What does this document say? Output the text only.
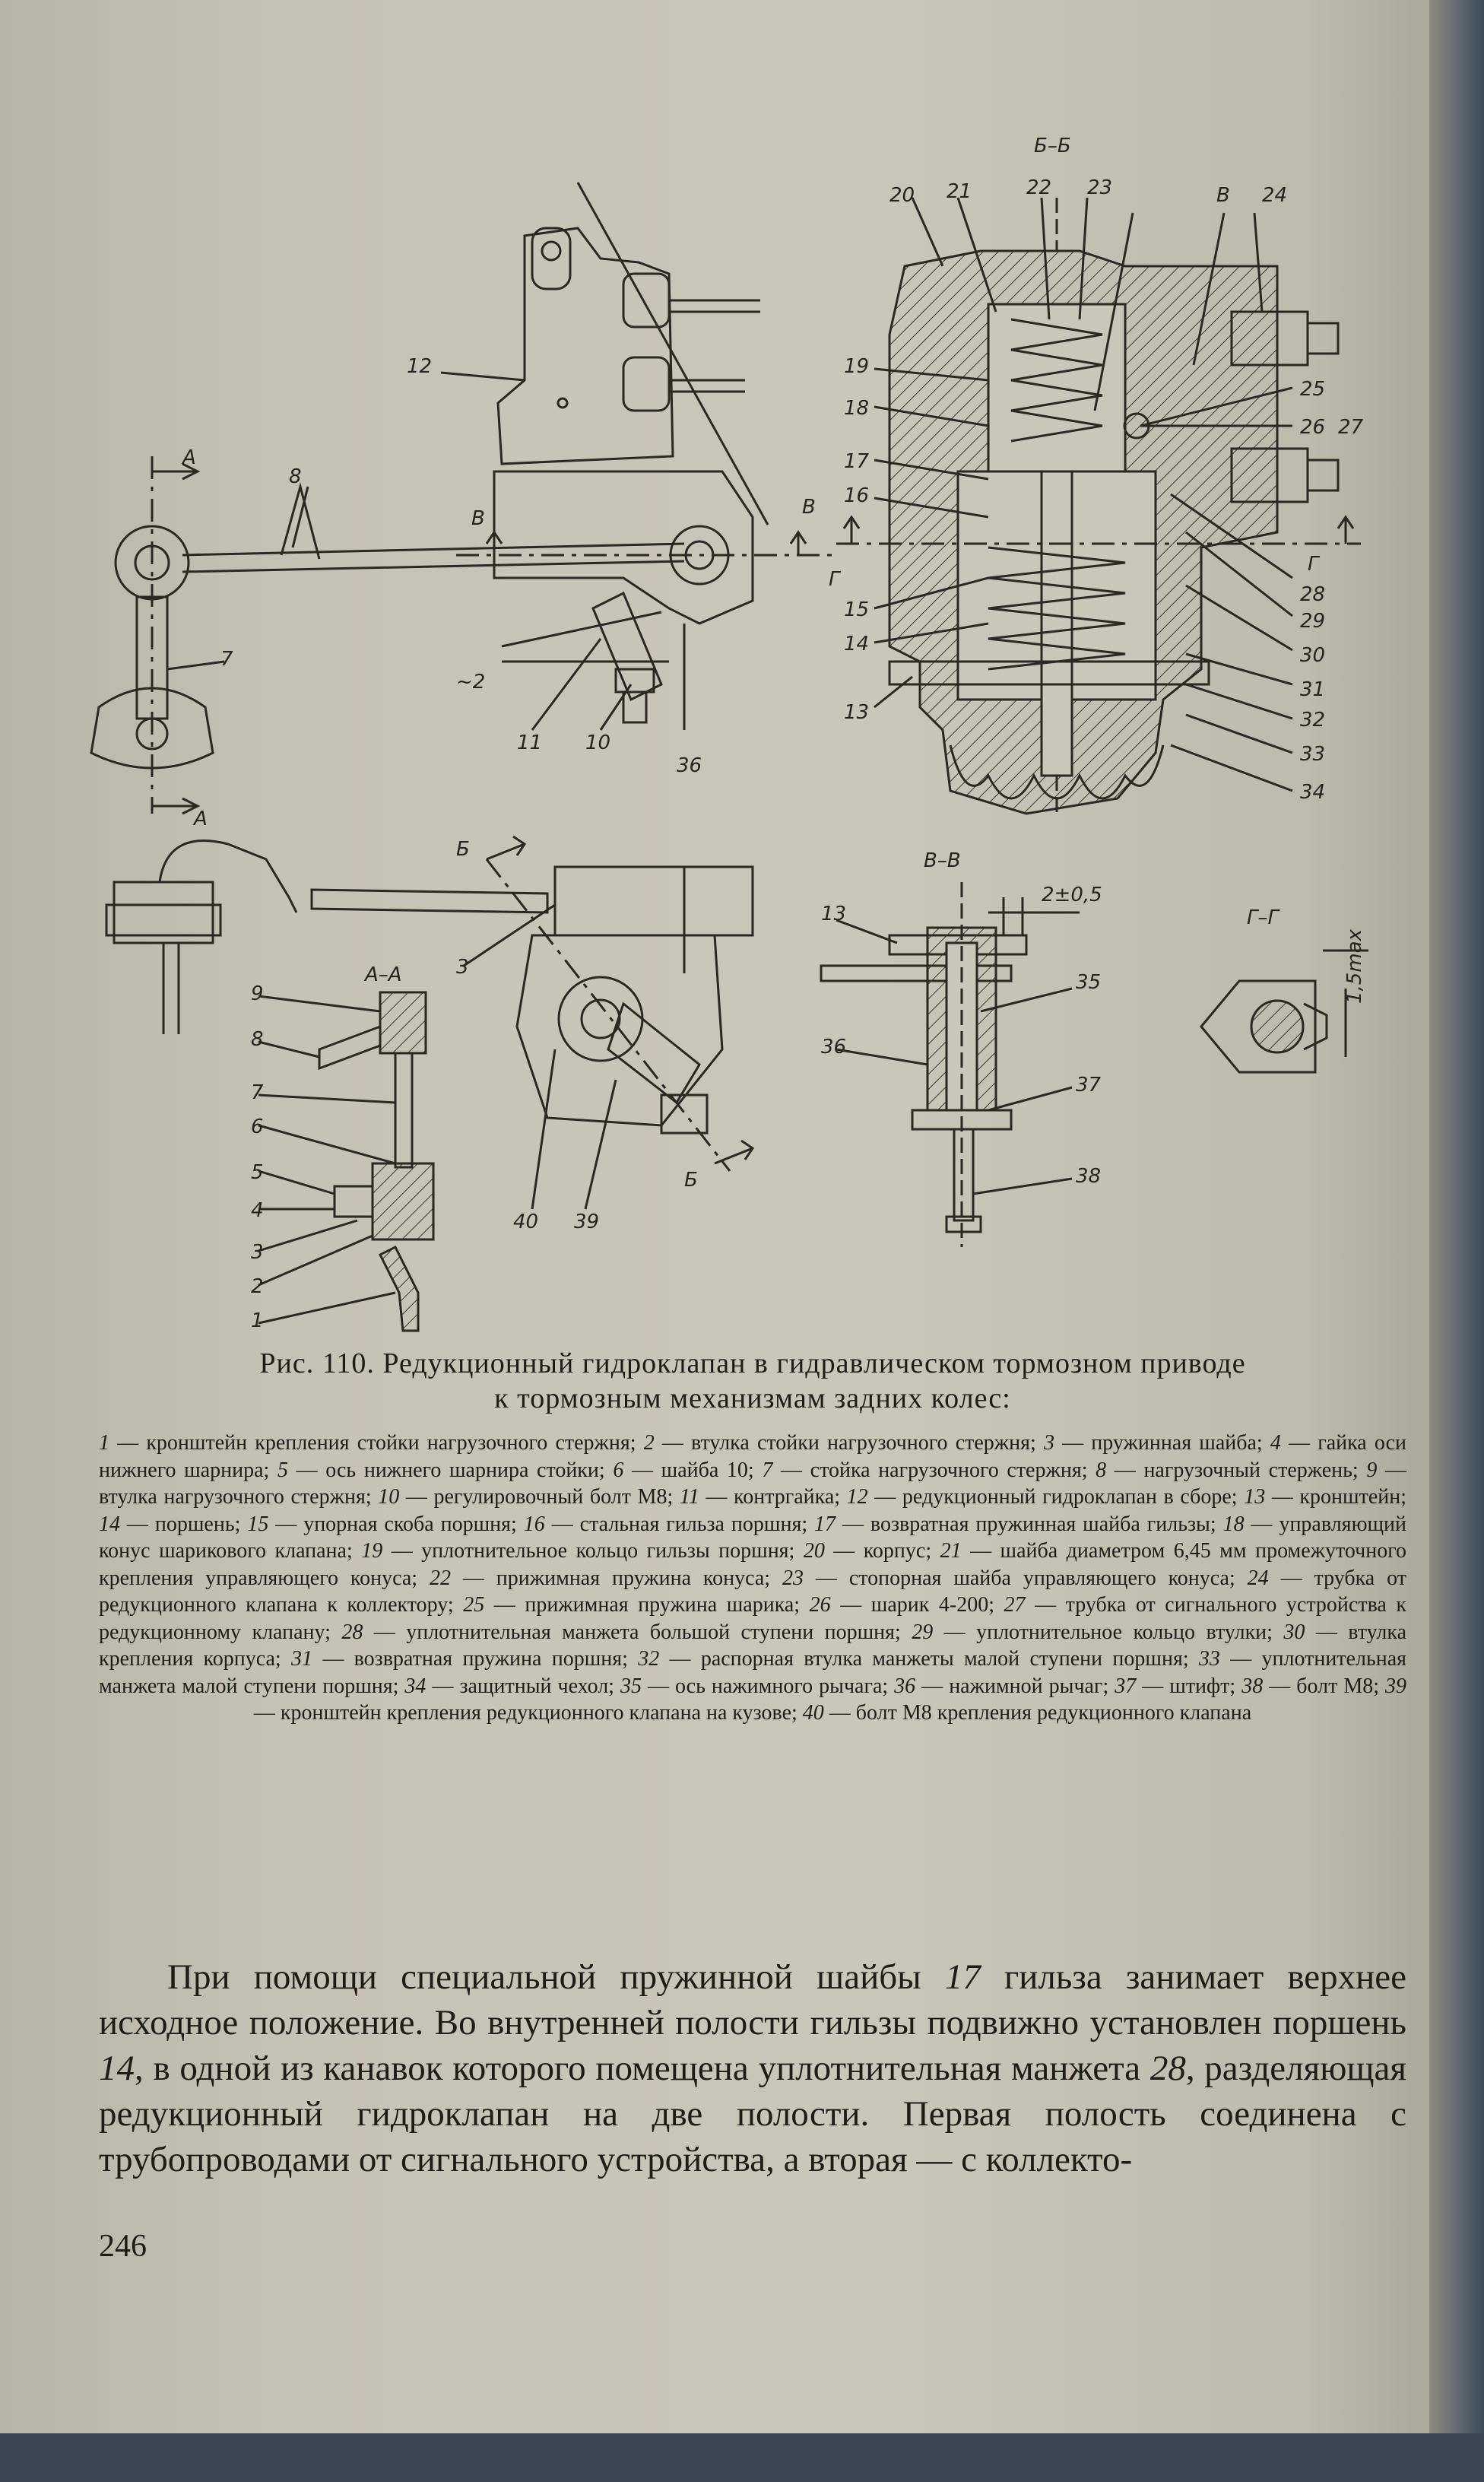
Б–Б
А–А
В–В
Г–Г
А
А
Б
Б
В	В
В
Г
Г
~2
2±0,5
1,5max
1
2
3
4
5
6
7
8
9
10
11
12
13
13
14
15
16
17
18
19
20 21	22 23	24
25
26 27
28
29
30
31
32
33
34
35
36
36
37
38
39
40
7
8
3
Рис. 110. Редукционный гидроклапан в гидравлическом тормозном приводе
к тормозным механизмам задних колес:
1 — кронштейн крепления стойки нагрузочного стержня; 2 — втулка стойки нагрузочного стержня; 3 — пружинная шайба; 4 — гайка оси нижнего шарнира; 5 — ось нижнего шарнира стойки; 6 — шайба 10; 7 — стойка нагрузочного стержня; 8 — нагрузочный стержень; 9 — втулка нагрузочного стержня; 10 — регулировочный болт М8; 11 — контргайка; 12 — редукционный гидроклапан в сборе; 13 — кронштейн; 14 — поршень; 15 — упорная скоба поршня; 16 — стальная гильза поршня; 17 — возвратная пружинная шайба гильзы; 18 — управляющий конус шарикового клапана; 19 — уплотнительное кольцо гильзы поршня; 20 — корпус; 21 — шайба диаметром 6,45 мм промежуточного крепления управляющего конуса; 22 — прижимная пружина конуса; 23 — стопорная шайба управляющего конуса; 24 — трубка от редукционного клапана к коллектору; 25 — прижимная пружина шарика; 26 — шарик 4-200; 27 — трубка от сигнального устройства к редукционному клапану; 28 — уплотнительная манжета большой ступени поршня; 29 — уплотнительное кольцо втулки; 30 — втулка крепления корпуса; 31 — возвратная пружина поршня; 32 — распорная втулка манжеты малой ступени поршня; 33 — уплотнительная манжета малой ступени поршня; 34 — защитный чехол; 35 — ось нажимного рычага; 36 — нажимной рычаг; 37 — штифт; 38 — болт М8; 39 — кронштейн крепления редукционного клапана на кузове; 40 — болт М8 крепления редукционного клапана
При помощи специальной пружинной шайбы 17 гильза занимает верхнее исходное положение. Во внутренней полости гильзы подвижно установлен поршень 14, в одной из канавок которого помещена уплотнительная манжета 28, разделяющая редукционный гидроклапан на две полости. Первая полость соединена с трубопроводами от сигнального устройства, а вторая — с коллекто-
246
